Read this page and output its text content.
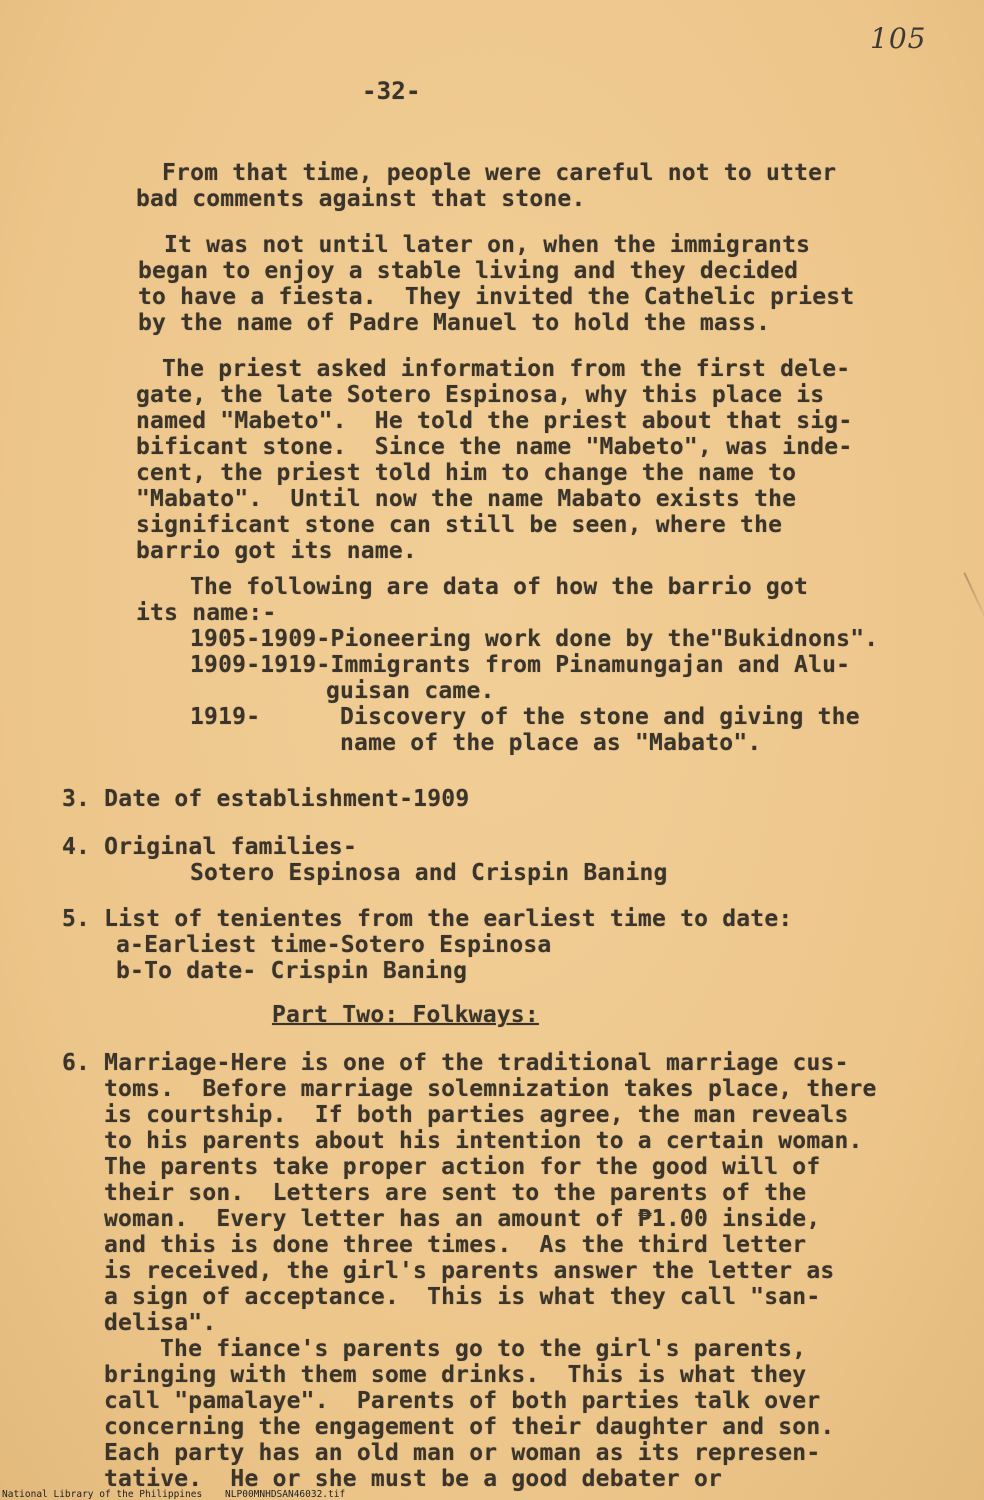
105
-32-
From that time, people were careful not to utter
bad comments against that stone.
It was not until later on, when the immigrants
began to enjoy a stable living and they decided
to have a fiesta.  They invited the Cathelic priest
by the name of Padre Manuel to hold the mass.
The priest asked information from the first dele-
gate, the late Sotero Espinosa, why this place is
named "Mabeto".  He told the priest about that sig-
bificant stone.  Since the name "Mabeto", was inde-
cent, the priest told him to change the name to
"Mabato".  Until now the name Mabato exists the
significant stone can still be seen, where the
barrio got its name.
The following are data of how the barrio got
its name:-
1905-1909-Pioneering work done by the"Bukidnons".
1909-1919-Immigrants from Pinamungajan and Alu-
guisan came.
1919-	Discovery of the stone and giving the
name of the place as "Mabato".
3. Date of establishment-1909
4. Original families-
Sotero Espinosa and Crispin Baning
5. List of tenientes from the earliest time to date:
a-Earliest time-Sotero Espinosa
b-To date- Crispin Baning
Part Two: Folkways:
6. Marriage-Here is one of the traditional marriage cus-
toms.  Before marriage solemnization takes place, there
is courtship.  If both parties agree, the man reveals
to his parents about his intention to a certain woman.
The parents take proper action for the good will of
their son.  Letters are sent to the parents of the
woman.  Every letter has an amount of ₱1.00 inside,
and this is done three times.  As the third letter
is received, the girl's parents answer the letter as
a sign of acceptance.  This is what they call "san-
delisa".
The fiance's parents go to the girl's parents,
bringing with them some drinks.  This is what they
call "pamalaye".  Parents of both parties talk over
concerning the engagement of their daughter and son.
Each party has an old man or woman as its represen-
tative.  He or she must be a good debater or
National Library of the Philippines    NLP00MNHDSAN46032.tif
